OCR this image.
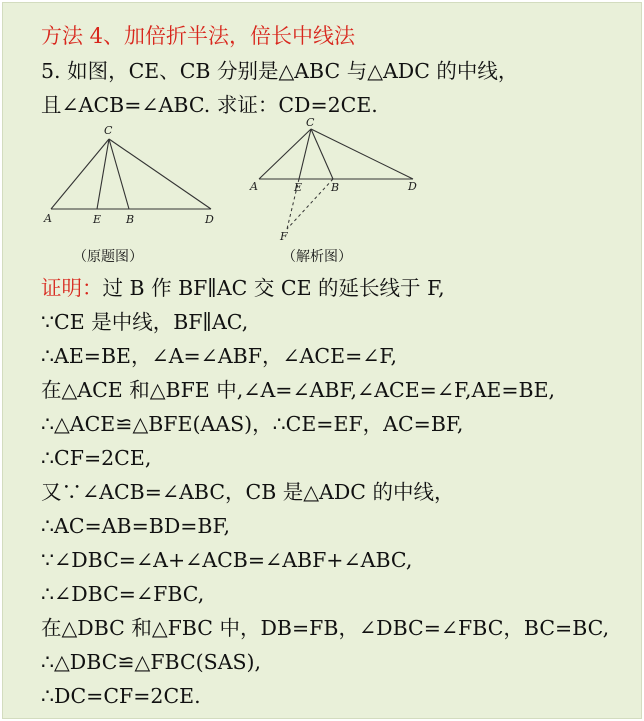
方法 4、加倍折半法，倍长中线法
5. 如图，CE、CB 分别是△ABC 与△ADC 的中线，
且∠ACB=∠ABC. 求证：CD=2CE.
C
A	E B	D
（原题图）
C
A	E	B	D
F
（解析图）
证明：过 B 作 BF∥AC 交 CE 的延长线于 F,
∵CE 是中线，BF∥AC,
∴AE=BE，∠A=∠ABF，∠ACE=∠F,
在△ACE 和△BFE 中,∠A=∠ABF,∠ACE=∠F,AE=BE,
∴△ACE≌△BFE(AAS)，∴CE=EF，AC=BF,
∴CF=2CE,
又∵∠ACB=∠ABC，CB 是△ADC 的中线，
∴AC=AB=BD=BF,
∵∠DBC=∠A+∠ACB=∠ABF+∠ABC,
∴∠DBC=∠FBC,
在△DBC 和△FBC 中，DB=FB，∠DBC=∠FBC，BC=BC,
∴△DBC≌△FBC(SAS),
∴DC=CF=2CE.
